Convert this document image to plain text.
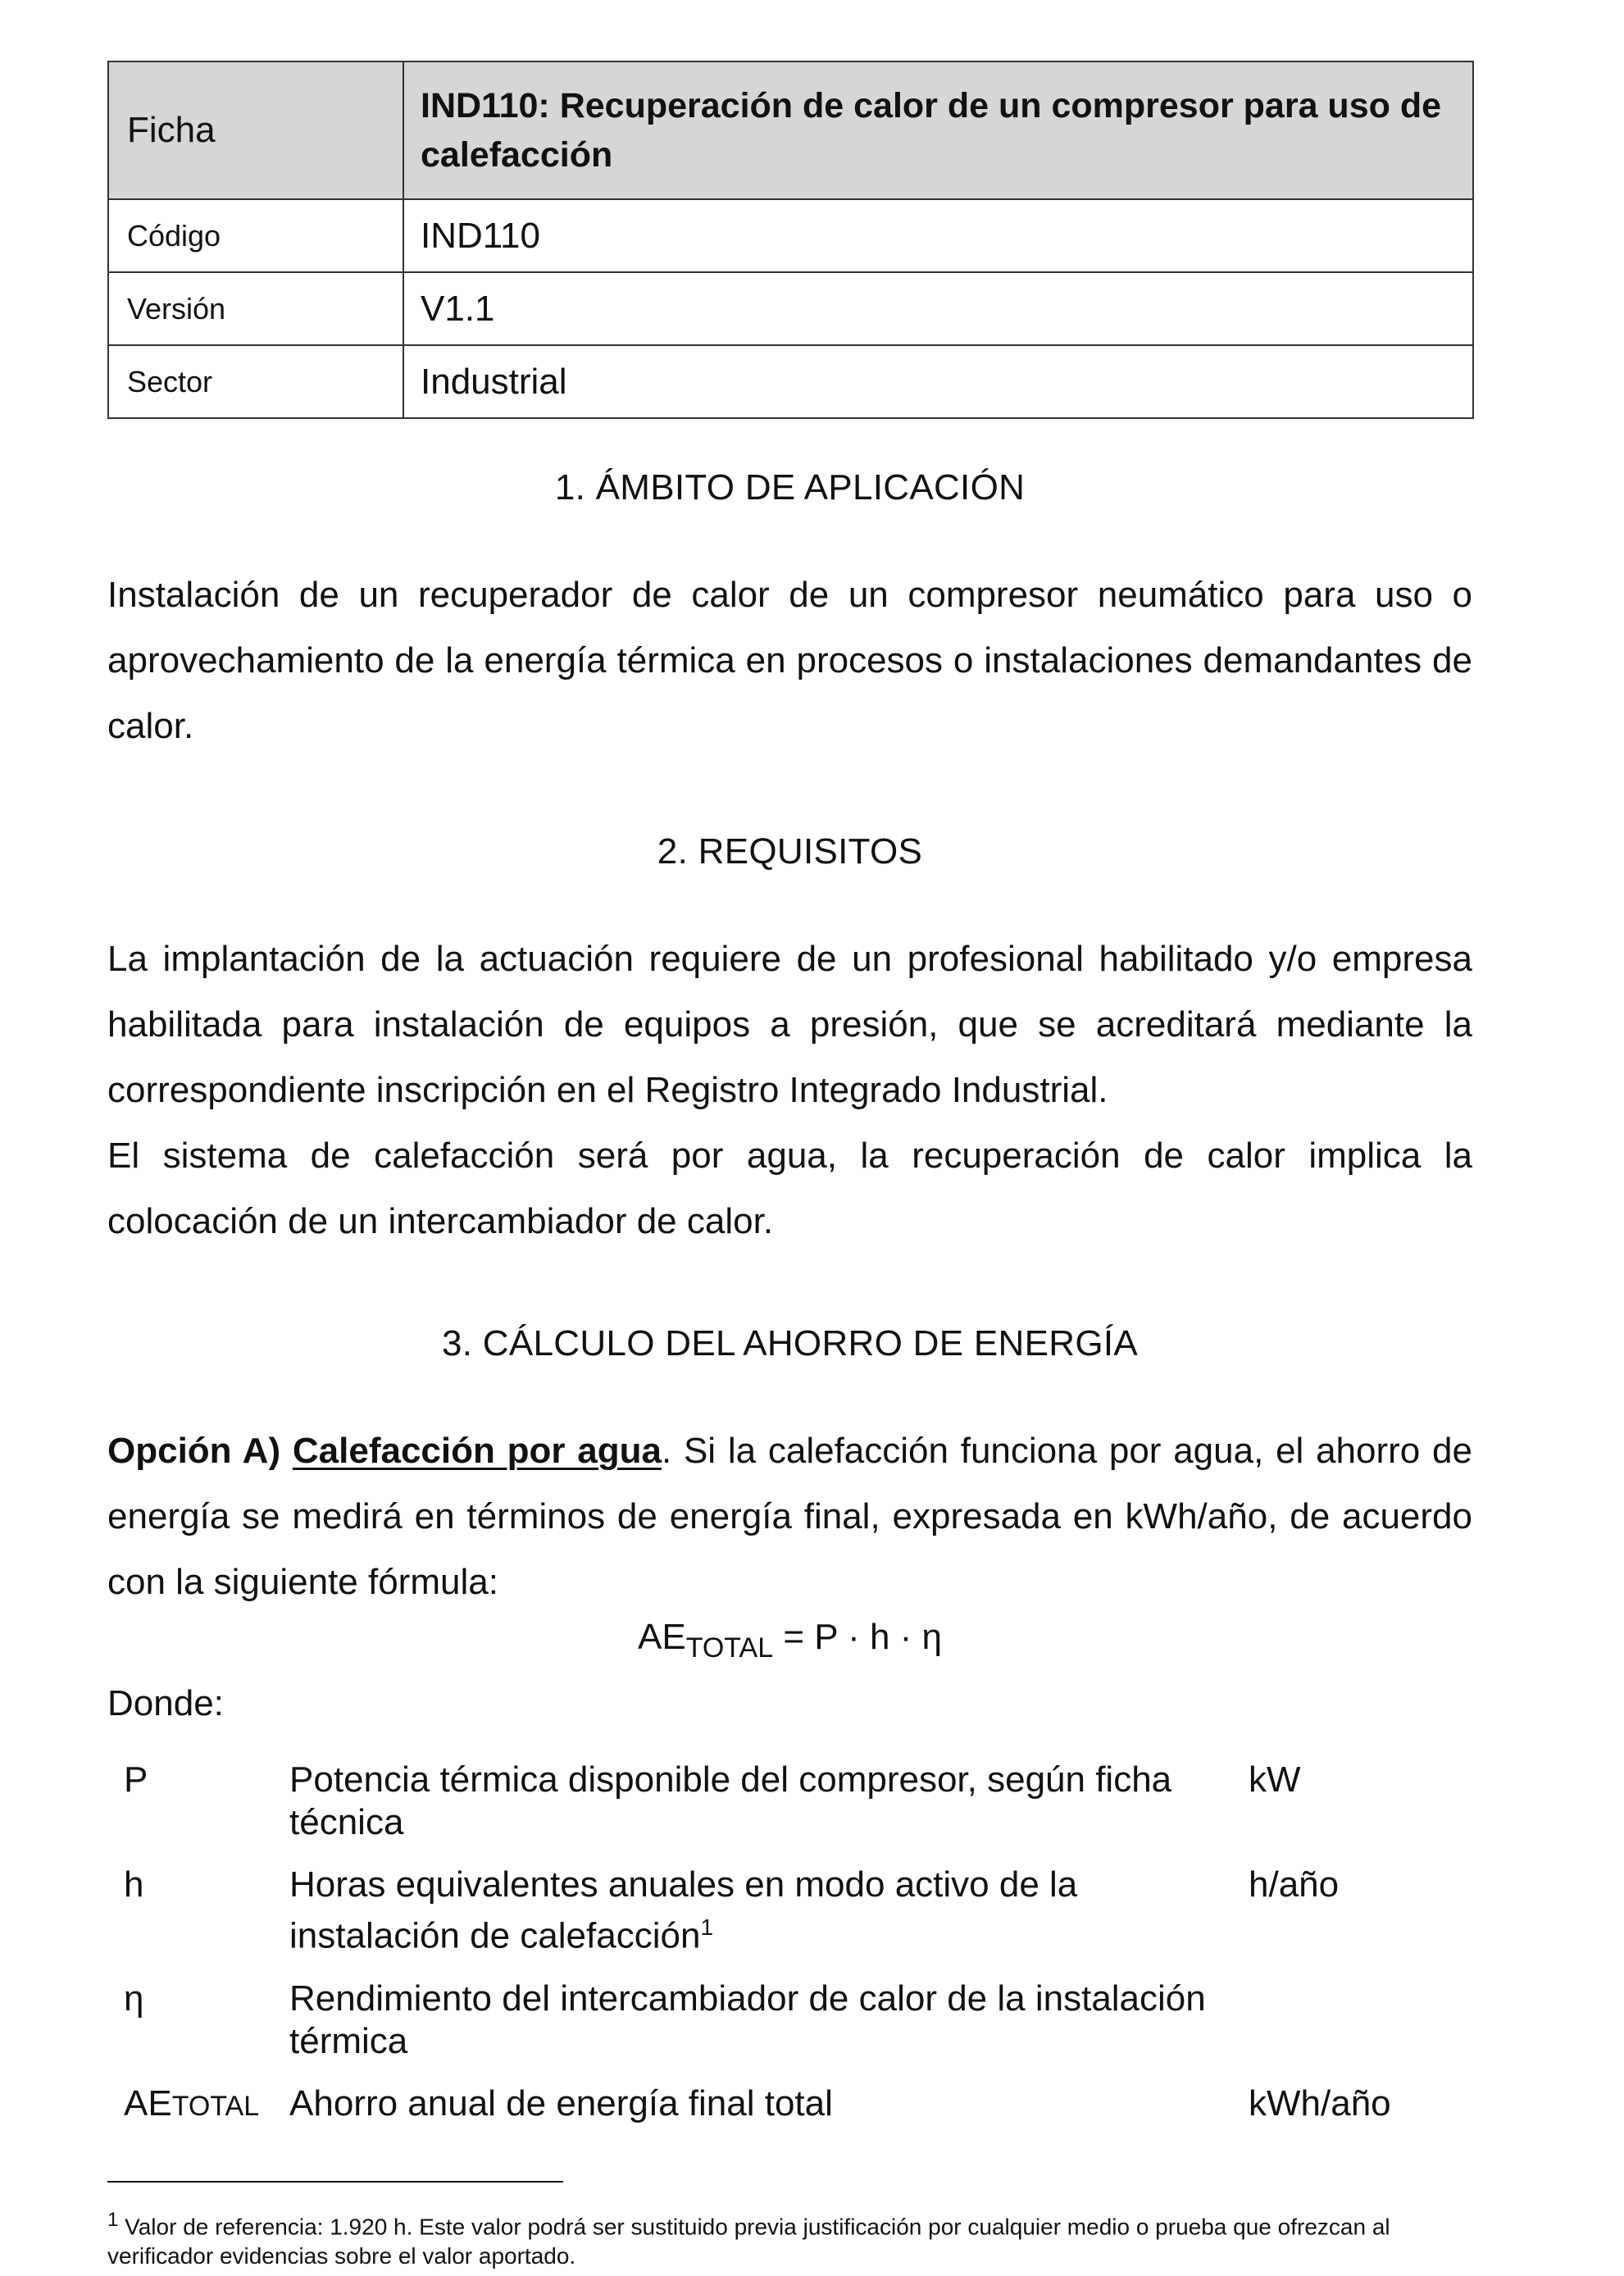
Ficha	IND110: Recuperación de calor de un compresor para uso de calefacción
Código	IND110
Versión	V1.1
Sector	Industrial
1. ÁMBITO DE APLICACIÓN

Instalación de un recuperador de calor de un compresor neumático para uso o aprovechamiento de la energía térmica en procesos o instalaciones demandantes de calor.

2. REQUISITOS

La implantación de la actuación requiere de un profesional habilitado y/o empresa habilitada para instalación de equipos a presión, que se acreditará mediante la correspondiente inscripción en el Registro Integrado Industrial.

El sistema de calefacción será por agua, la recuperación de calor implica la colocación de un intercambiador de calor.

3. CÁLCULO DEL AHORRO DE ENERGÍA

Opción A) Calefacción por agua. Si la calefacción funciona por agua, el ahorro de energía se medirá en términos de energía final, expresada en kWh/año, de acuerdo con la siguiente fórmula:

$AE_{TOTAL} = P \cdot h \cdot \eta$
Donde:
P	Potencia térmica disponible del compresor, según ficha técnica	kW
h	Horas equivalentes anuales en modo activo de la instalación de calefacción$^1$	h/año
η	Rendimiento del intercambiador de calor de la instalación térmica	
AETOTAL	Ahorro anual de energía final total	kWh/año
$^1$ Valor de referencia: 1.920 h. Este valor podrá ser sustituido previa justificación por cualquier medio o prueba que ofrezcan al verificador evidencias sobre el valor aportado.
